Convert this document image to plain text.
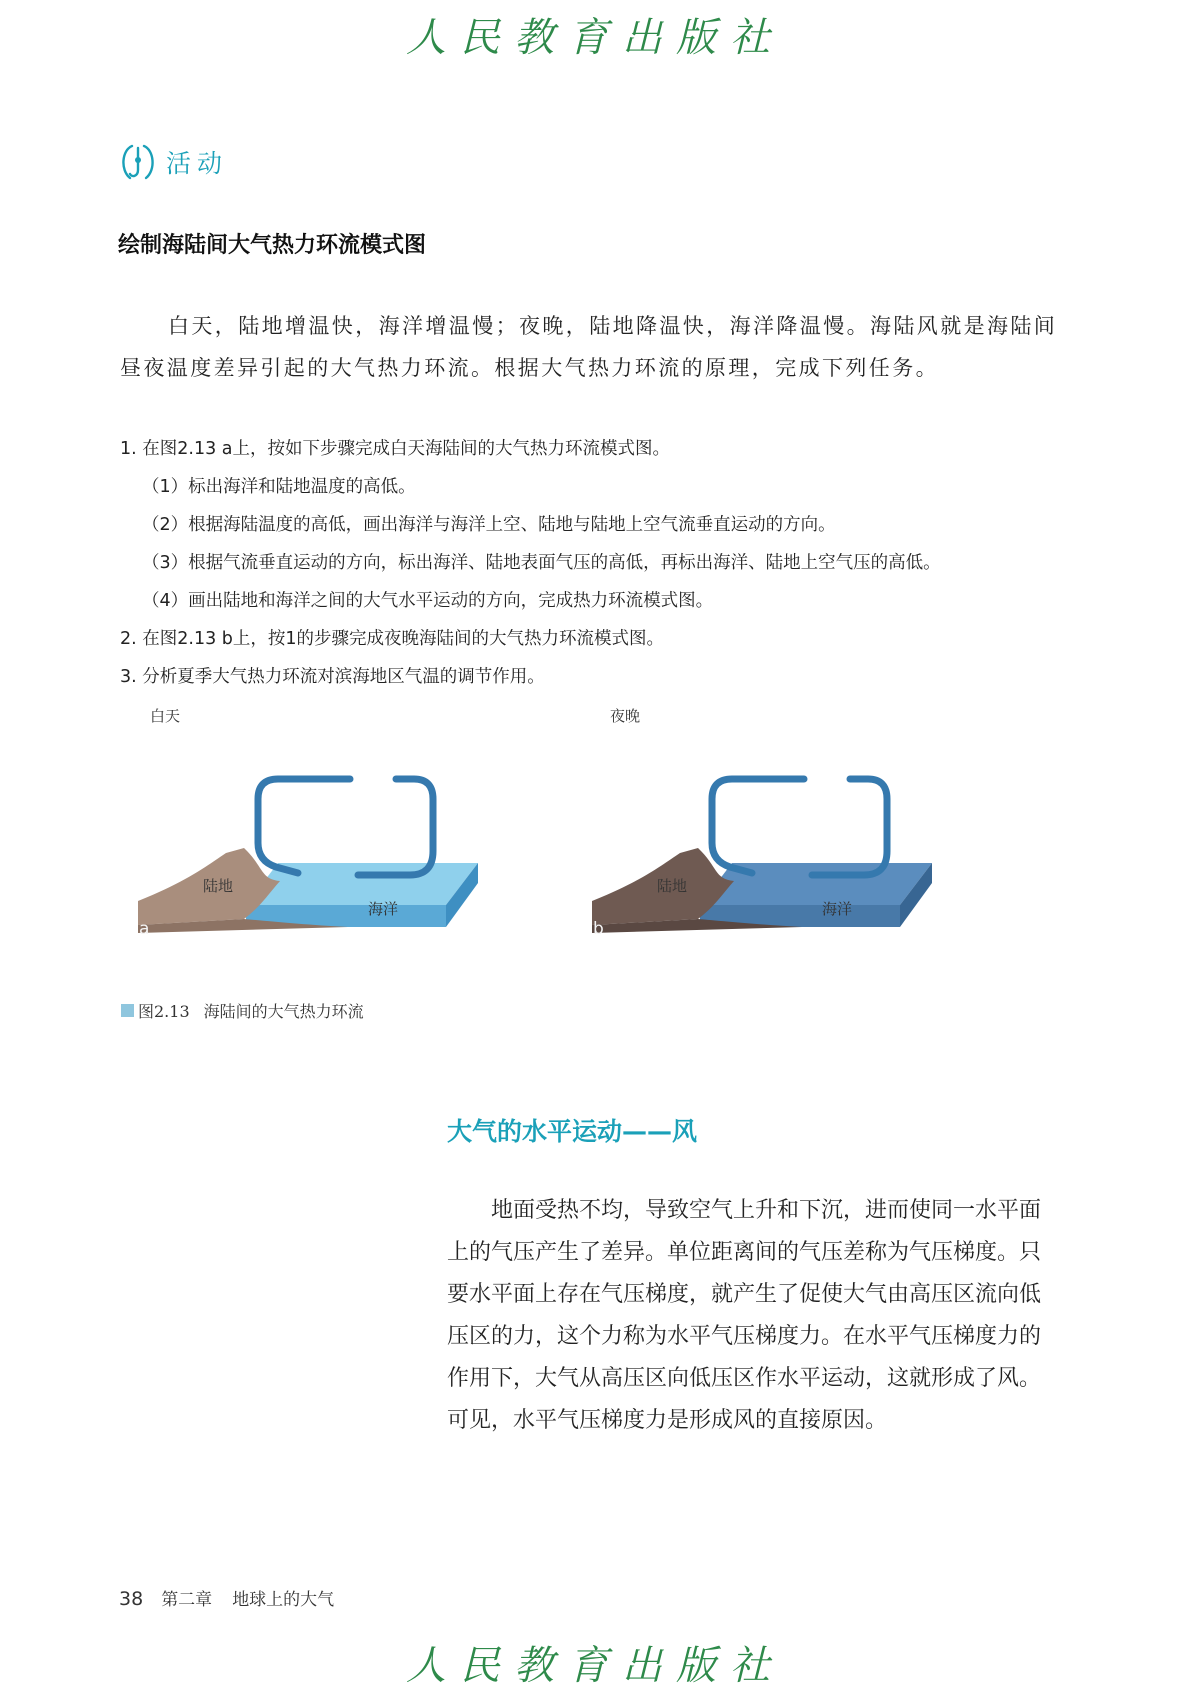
人民教育出版社
活动
绘制海陆间大气热力环流模式图

白天，陆地增温快，海洋增温慢；夜晚，陆地降温快，海洋降温慢。海陆风就是海陆间昼夜温度差异引起的大气热力环流。根据大气热力环流的原理，完成下列任务。

1. 在图2.13 a上，按如下步骤完成白天海陆间的大气热力环流模式图。
（1）标出海洋和陆地温度的高低。
（2）根据海陆温度的高低，画出海洋与海洋上空、陆地与陆地上空气流垂直运动的方向。
（3）根据气流垂直运动的方向，标出海洋、陆地表面气压的高低，再标出海洋、陆地上空气压的高低。
（4）画出陆地和海洋之间的大气水平运动的方向，完成热力环流模式图。
2. 在图2.13 b上，按1的步骤完成夜晚海陆间的大气热力环流模式图。
3. 分析夏季大气热力环流对滨海地区气温的调节作用。
白天
陆地
海洋
a
夜晚
陆地
海洋
b
图2.13 海陆间的大气热力环流
大气的水平运动——风

地面受热不均，导致空气上升和下沉，进而使同一水平面上的气压产生了差异。单位距离间的气压差称为气压梯度。只要水平面上存在气压梯度，就产生了促使大气由高压区流向低压区的力，这个力称为水平气压梯度力。在水平气压梯度力的作用下，大气从高压区向低压区作水平运动，这就形成了风。可见，水平气压梯度力是形成风的直接原因。

38 第二章 地球上的大气
人民教育出版社
